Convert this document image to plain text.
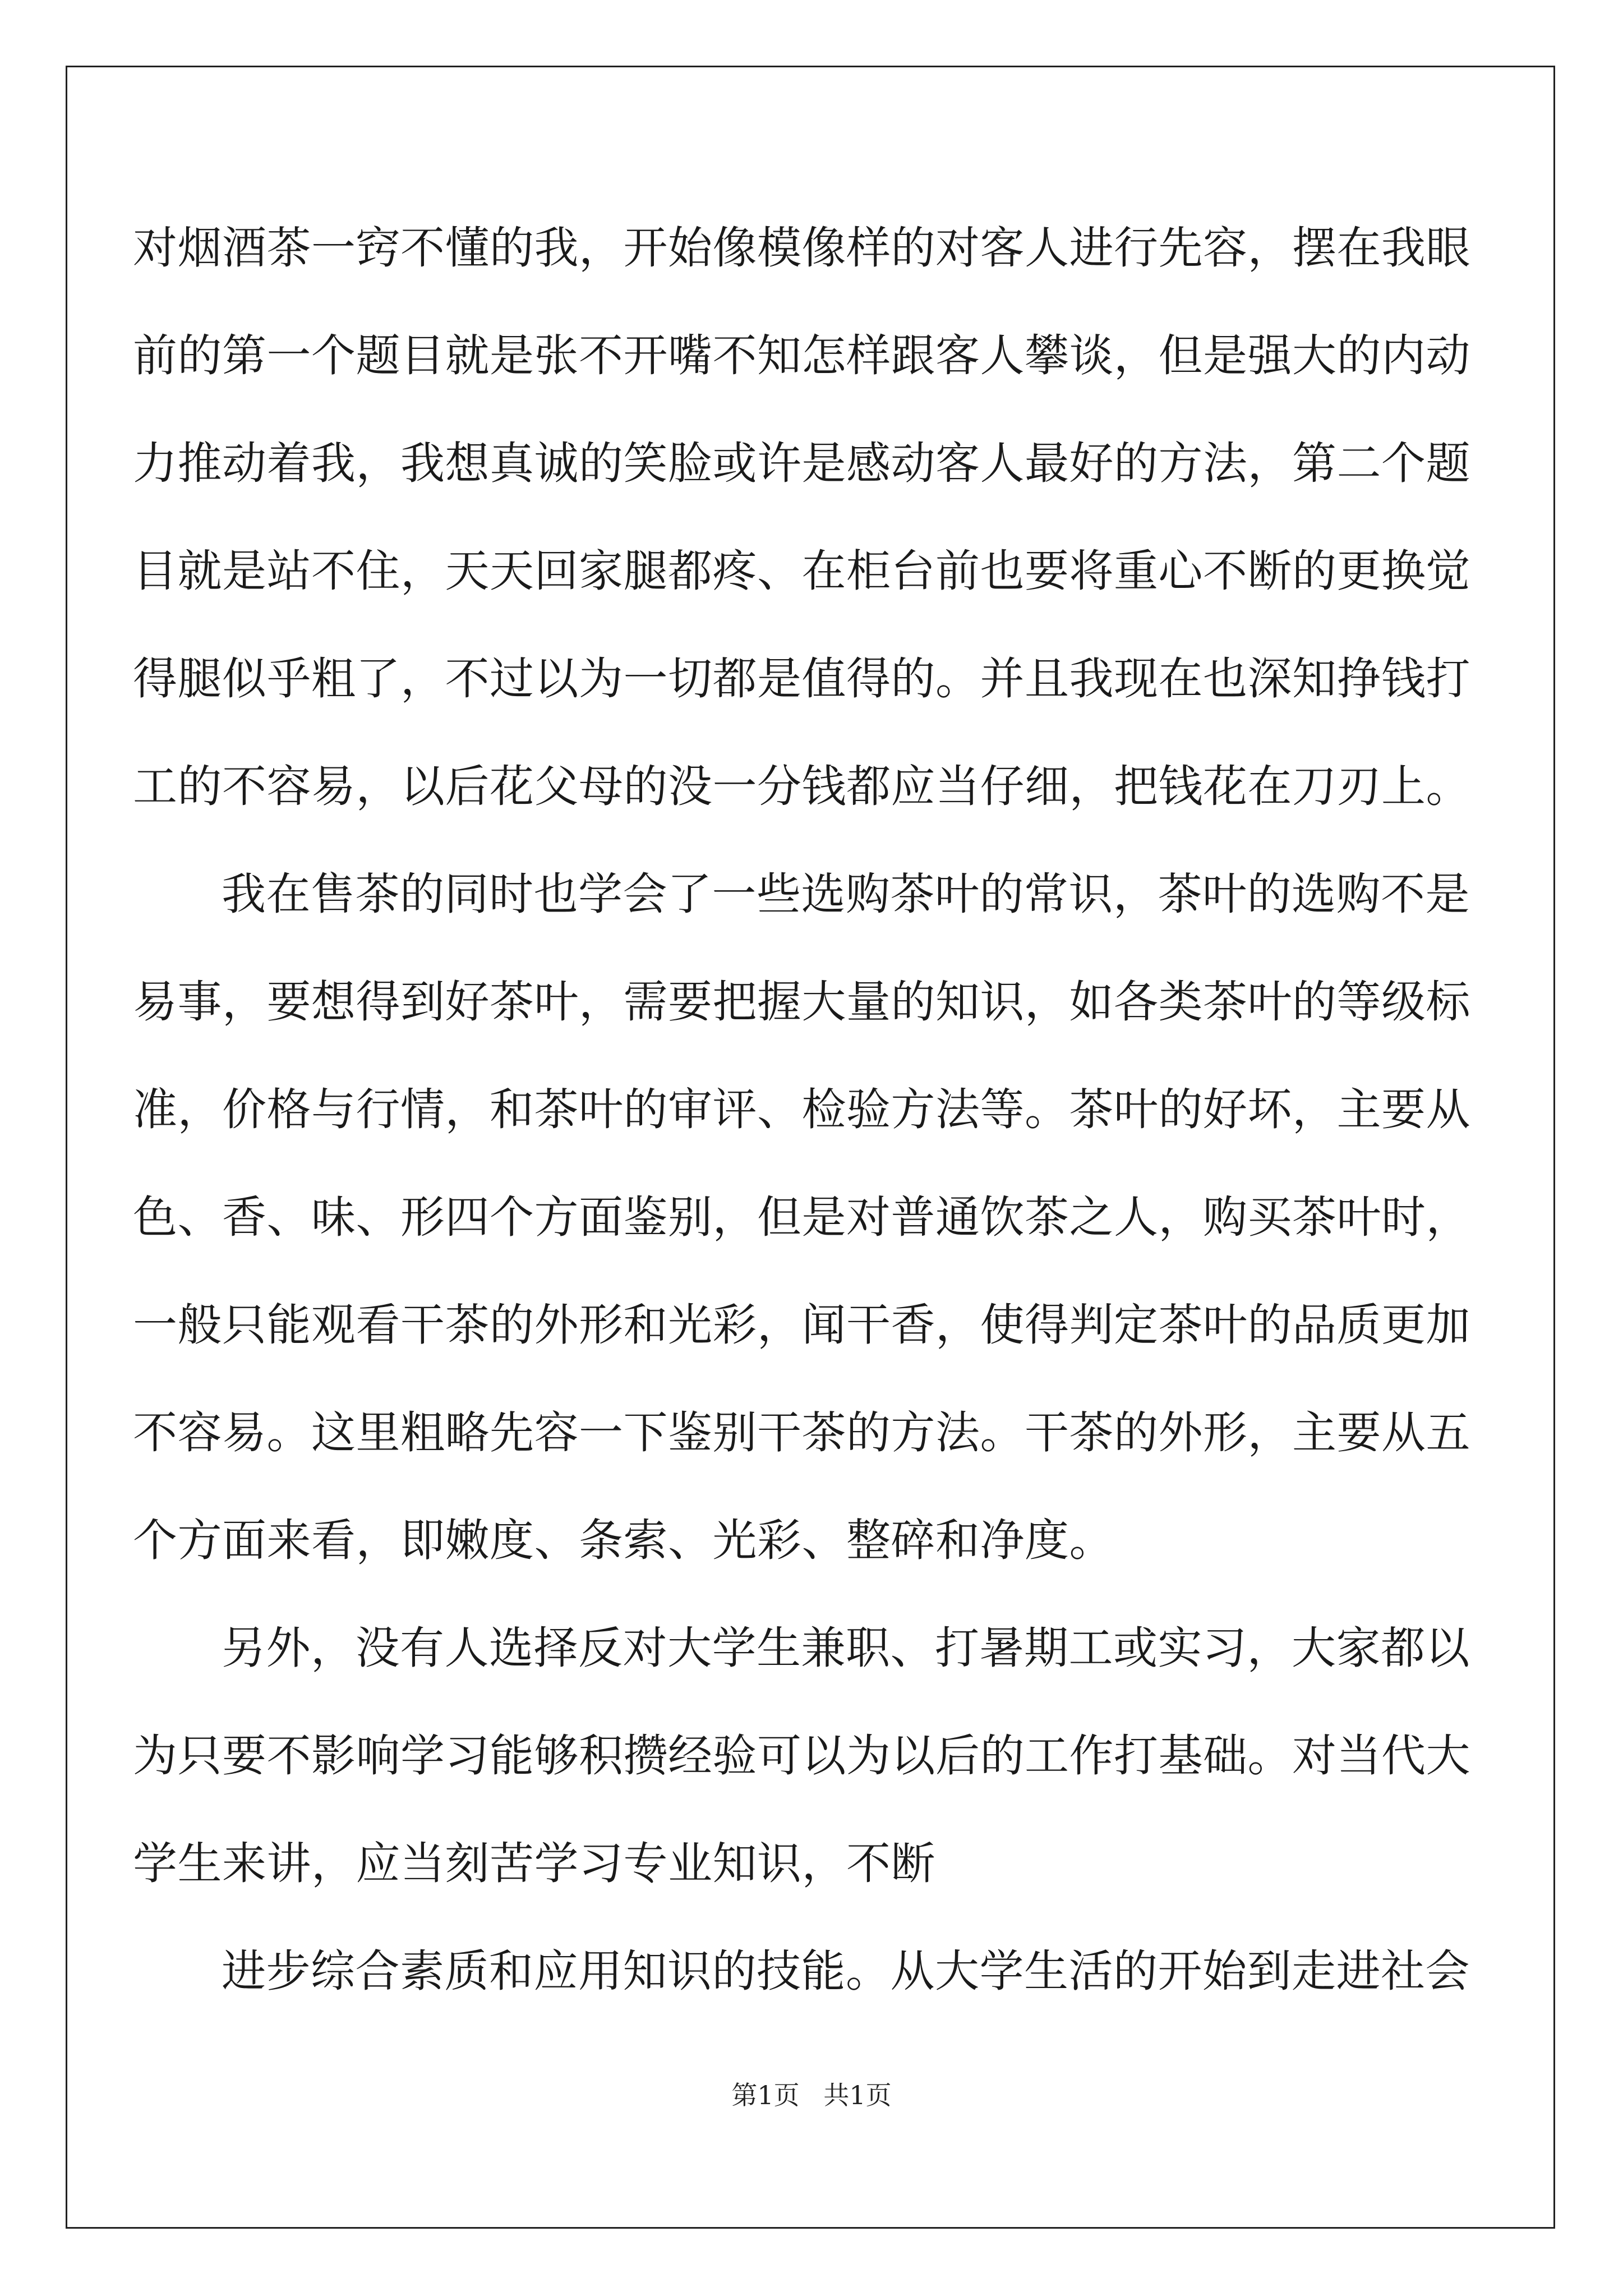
对烟酒茶一窍不懂的我，开始像模像样的对客人进行先容，摆在我眼
前的第一个题目就是张不开嘴不知怎样跟客人攀谈，但是强大的内动
力推动着我，我想真诚的笑脸或许是感动客人最好的方法，第二个题
目就是站不住，天天回家腿都疼、在柜台前也要将重心不断的更换觉
得腿似乎粗了，不过以为一切都是值得的。并且我现在也深知挣钱打
工的不容易，以后花父母的没一分钱都应当仔细，把钱花在刀刃上。
我在售茶的同时也学会了一些选购茶叶的常识，茶叶的选购不是
易事，要想得到好茶叶，需要把握大量的知识，如各类茶叶的等级标
准，价格与行情，和茶叶的审评、检验方法等。茶叶的好坏，主要从
色、香、味、形四个方面鉴别，但是对普通饮茶之人，购买茶叶时，
一般只能观看干茶的外形和光彩，闻干香，使得判定茶叶的品质更加
不容易。这里粗略先容一下鉴别干茶的方法。干茶的外形，主要从五
个方面来看，即嫩度、条索、光彩、整碎和净度。
另外，没有人选择反对大学生兼职、打暑期工或实习，大家都以
为只要不影响学习能够积攒经验可以为以后的工作打基础。对当代大
学生来讲，应当刻苦学习专业知识，不断
进步综合素质和应用知识的技能。从大学生活的开始到走进社会
第1页 共1页
